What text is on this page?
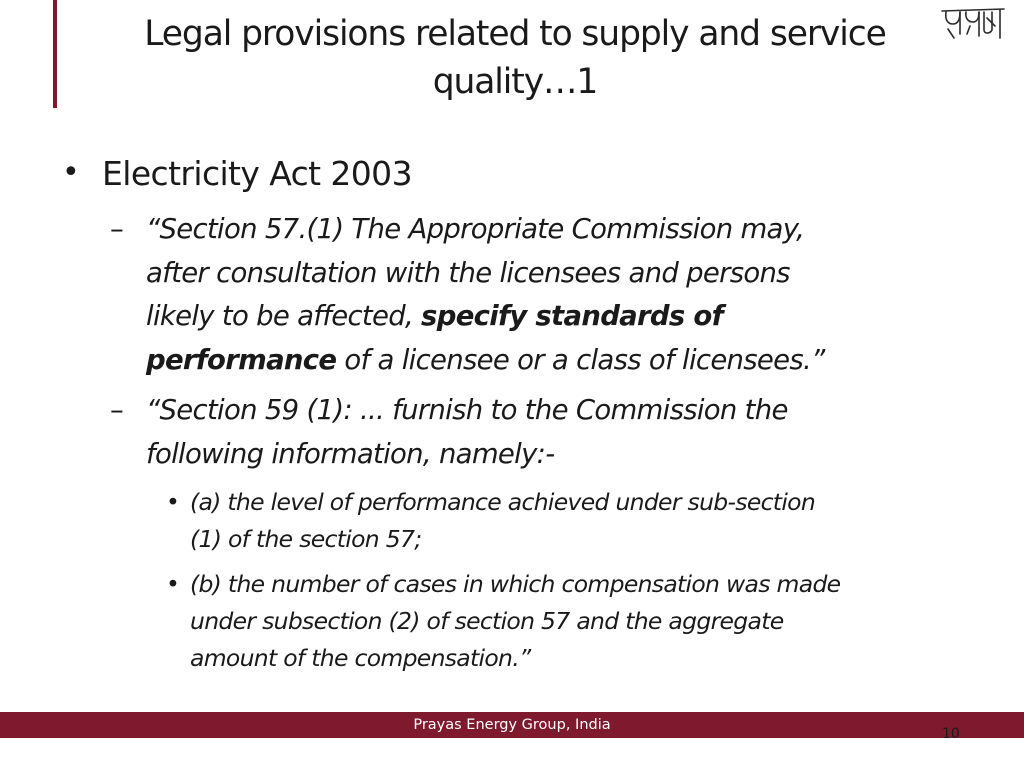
Legal provisions related to supply and service
quality…1
• Electricity Act 2003
– “Section 57.(1) The Appropriate Commission may,
after consultation with the licensees and persons
likely to be affected, specify standards of
performance of a licensee or a class of licensees.”
– “Section 59 (1): ... furnish to the Commission the
following information, namely:-
• (a) the level of performance achieved under sub-section
(1) of the section 57;
• (b) the number of cases in which compensation was made
under subsection (2) of section 57 and the aggregate
amount of the compensation.”
Prayas Energy Group, India
10
